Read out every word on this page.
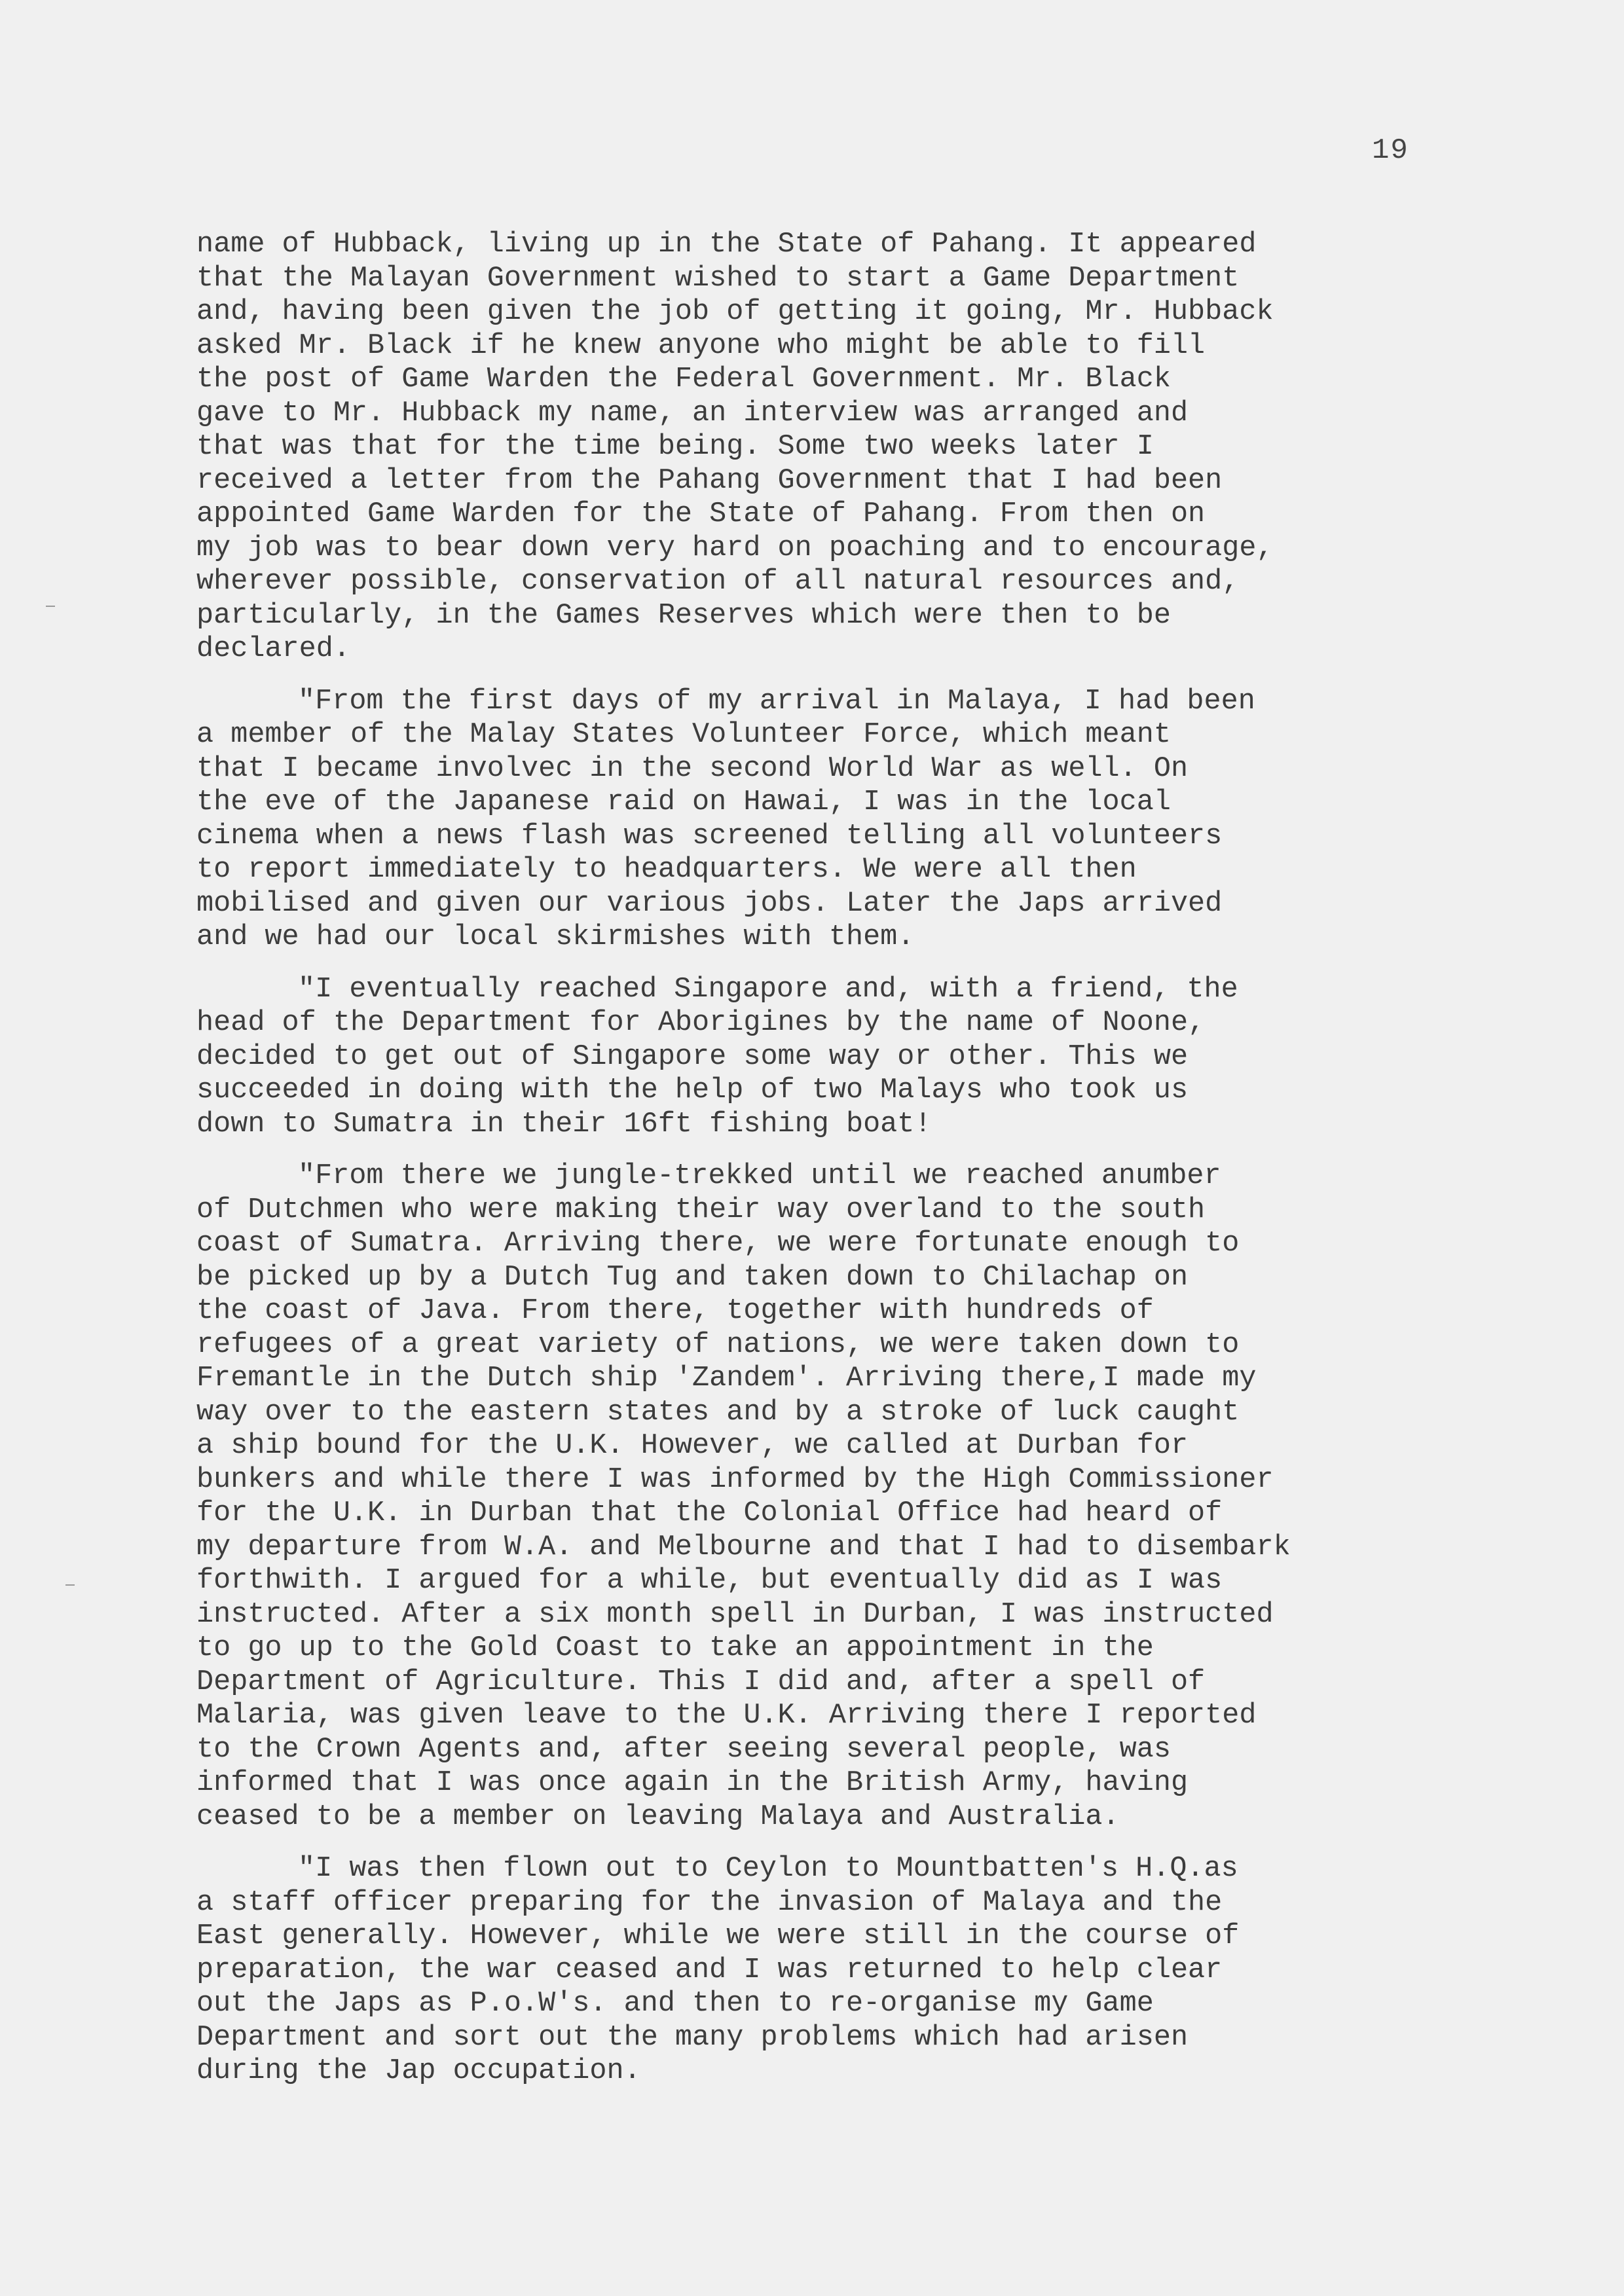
19
name of Hubback, living up in the State of Pahang. It appeared
that the Malayan Government wished to start a Game Department
and, having been given the job of getting it going, Mr. Hubback
asked Mr. Black if he knew anyone who might be able to fill
the post of Game Warden the Federal Government. Mr. Black
gave to Mr. Hubback my name, an interview was arranged and
that was that for the time being. Some two weeks later I
received a letter from the Pahang Government that I had been
appointed Game Warden for the State of Pahang. From then on
my job was to bear down very hard on poaching and to encourage,
wherever possible, conservation of all natural resources and,
particularly, in the Games Reserves which were then to be
declared.
"From the first days of my arrival in Malaya, I had been
a member of the Malay States Volunteer Force, which meant
that I became involvec in the second World War as well. On
the eve of the Japanese raid on Hawai, I was in the local
cinema when a news flash was screened telling all volunteers
to report immediately to headquarters. We were all then
mobilised and given our various jobs. Later the Japs arrived
and we had our local skirmishes with them.
"I eventually reached Singapore and, with a friend, the
head of the Department for Aborigines by the name of Noone,
decided to get out of Singapore some way or other. This we
succeeded in doing with the help of two Malays who took us
down to Sumatra in their 16ft fishing boat!
"From there we jungle-trekked until we reached anumber
of Dutchmen who were making their way overland to the south
coast of Sumatra. Arriving there, we were fortunate enough to
be picked up by a Dutch Tug and taken down to Chilachap on
the coast of Java. From there, together with hundreds of
refugees of a great variety of nations, we were taken down to
Fremantle in the Dutch ship 'Zandem'. Arriving there,I made my
way over to the eastern states and by a stroke of luck caught
a ship bound for the U.K. However, we called at Durban for
bunkers and while there I was informed by the High Commissioner
for the U.K. in Durban that the Colonial Office had heard of
my departure from W.A. and Melbourne and that I had to disembark
forthwith. I argued for a while, but eventually did as I was
instructed. After a six month spell in Durban, I was instructed
to go up to the Gold Coast to take an appointment in the
Department of Agriculture. This I did and, after a spell of
Malaria, was given leave to the U.K. Arriving there I reported
to the Crown Agents and, after seeing several people, was
informed that I was once again in the British Army, having
ceased to be a member on leaving Malaya and Australia.
"I was then flown out to Ceylon to Mountbatten's H.Q.as
a staff officer preparing for the invasion of Malaya and the
East generally. However, while we were still in the course of
preparation, the war ceased and I was returned to help clear
out the Japs as P.o.W's. and then to re-organise my Game
Department and sort out the many problems which had arisen
during the Jap occupation.
